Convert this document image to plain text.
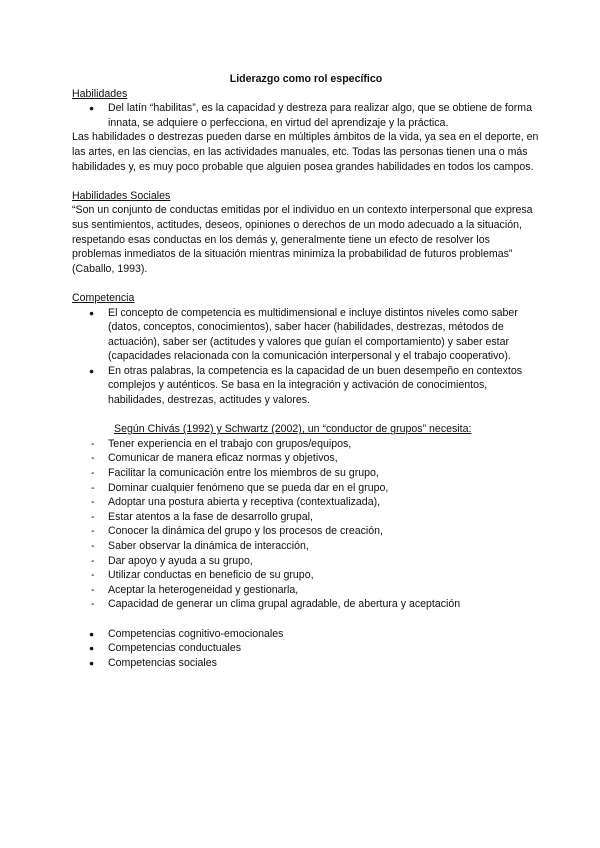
Liderazgo como rol específico

Habilidades

● Del latín “habilitas”, es la capacidad y destreza para realizar algo, que se obtiene de forma innata, se adquiere o perfecciona, en virtud del aprendizaje y la práctica.

Las habilidades o destrezas pueden darse en múltiples ámbitos de la vida, ya sea en el deporte, en las artes, en las ciencias, en las actividades manuales, etc. Todas las personas tienen una o más habilidades y, es muy poco probable que alguien posea grandes habilidades en todos los campos.

Habilidades Sociales

“Son un conjunto de conductas emitidas por el individuo en un contexto interpersonal que expresa sus sentimientos, actitudes, deseos, opiniones o derechos de un modo adecuado a la situación, respetando esas conductas en los demás y, generalmente tiene un efecto de resolver los problemas inmediatos de la situación mientras minimiza la probabilidad de futuros problemas” (Caballo, 1993).

Competencia

● El concepto de competencia es multidimensional e incluye distintos niveles como saber (datos, conceptos, conocimientos), saber hacer (habilidades, destrezas, métodos de actuación), saber ser (actitudes y valores que guían el comportamiento) y saber estar (capacidades relacionada con la comunicación interpersonal y el trabajo cooperativo).
● En otras palabras, la competencia es la capacidad de un buen desempeño en contextos complejos y auténticos. Se basa en la integración y activación de conocimientos, habilidades, destrezas, actitudes y valores.

Según Chivás (1992) y Schwartz (2002), un “conductor de grupos” necesita:

- Tener experiencia en el trabajo con grupos/equipos,
- Comunicar de manera eficaz normas y objetivos,
- Facilitar la comunicación entre los miembros de su grupo,
- Dominar cualquier fenómeno que se pueda dar en el grupo,
- Adoptar una postura abierta y receptiva (contextualizada),
- Estar atentos a la fase de desarrollo grupal,
- Conocer la dinámica del grupo y los procesos de creación,
- Saber observar la dinámica de interacción,
- Dar apoyo y ayuda a su grupo,
- Utilizar conductas en beneficio de su grupo,
- Aceptar la heterogeneidad y gestionarla,
- Capacidad de generar un clima grupal agradable, de abertura y aceptación
● Competencias cognitivo-emocionales
● Competencias conductuales
● Competencias sociales
